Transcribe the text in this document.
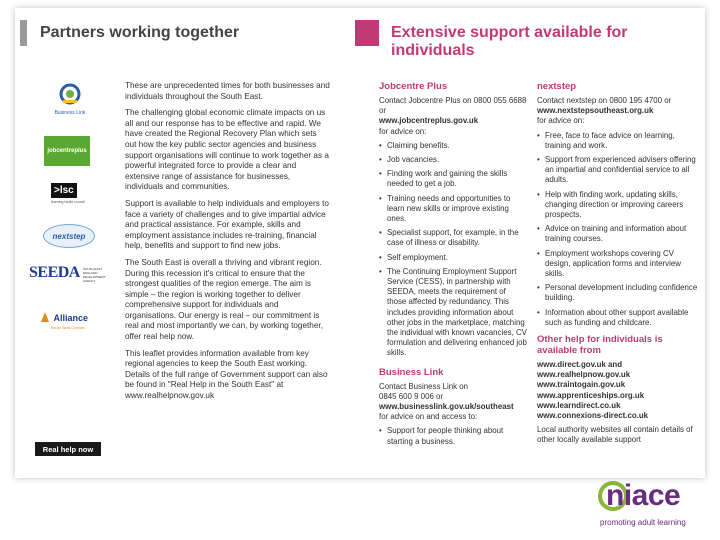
Partners working together	Extensive support available for individuals
Business Link
jobcentreplus
>lsc
learning+skills council
nextstep
SEEDA SOUTH EAST ENGLAND DEVELOPMENT AGENCY
Alliance
Sector Skills Councils
Real help now

These are unprecedented times for both businesses and individuals throughout the South East.

The challenging global economic climate impacts on us all and our response has to be effective and rapid. We have created the Regional Recovery Plan which sets out how the key public sector agencies and business support organisations will continue to work together as a powerful integrated force to provide a clear and extensive range of assistance for businesses, individuals and communities.

Support is available to help individuals and employers to face a variety of challenges and to give impartial advice and practical assistance. For example, skills and employment assistance includes re-training, financial help, benefits and support to find new jobs.

The South East is overall a thriving and vibrant region. During this recession it's critical to ensure that the strongest qualities of the region emerge. The aim is simple – the region is working together to deliver comprehensive support for individuals and organisations. Our energy is real – our commitment is real and most importantly we can, by working together, offer real help now.

This leaflet provides information available from key regional agencies to keep the South East working. Details of the full range of Government support can also be found in "Real Help in the South East" at www.realhelpnow.gov.uk

Jobcentre Plus

Contact Jobcentre Plus on 0800 055 6688 or
www.jobcentreplus.gov.uk
for advice on:

• Claiming benefits.
• Job vacancies.
• Finding work and gaining the skills needed to get a job.
• Training needs and opportunities to learn new skills or improve existing ones.
• Specialist support, for example, in the case of illness or disability.
• Self employment.
• The Continuing Employment Support Service (CESS), in partnership with SEEDA, meets the requirement of those affected by redundancy. This includes providing information about other jobs in the marketplace, matching the individual with known vacancies, CV formulation and delivering enhanced job skills.
Business Link

Contact Business Link on
0845 600 9 006 or
www.businesslink.gov.uk/southeast
for advice on and access to:

• Support for people thinking about starting a business.
nextstep

Contact nextstep on 0800 195 4700 or
www.nextstepsoutheast.org.uk
for advice on:

• Free, face to face advice on learning, training and work.
• Support from experienced advisers offering an impartial and confidential service to all adults.
• Help with finding work, updating skills, changing direction or improving careers prospects.
• Advice on training and information about training courses.
• Employment workshops covering CV design, application forms and interview skills.
• Personal development including confidence building.
• Information about other support available such as funding and childcare.
Other help for individuals is available from

www.direct.gov.uk and
www.realhelpnow.gov.uk
www.traintogain.gov.uk
www.apprenticeships.org.uk
www.learndirect.co.uk
www.connexions-direct.co.uk

Local authority websites all contain details of other locally available support

niace
promoting adult learning
